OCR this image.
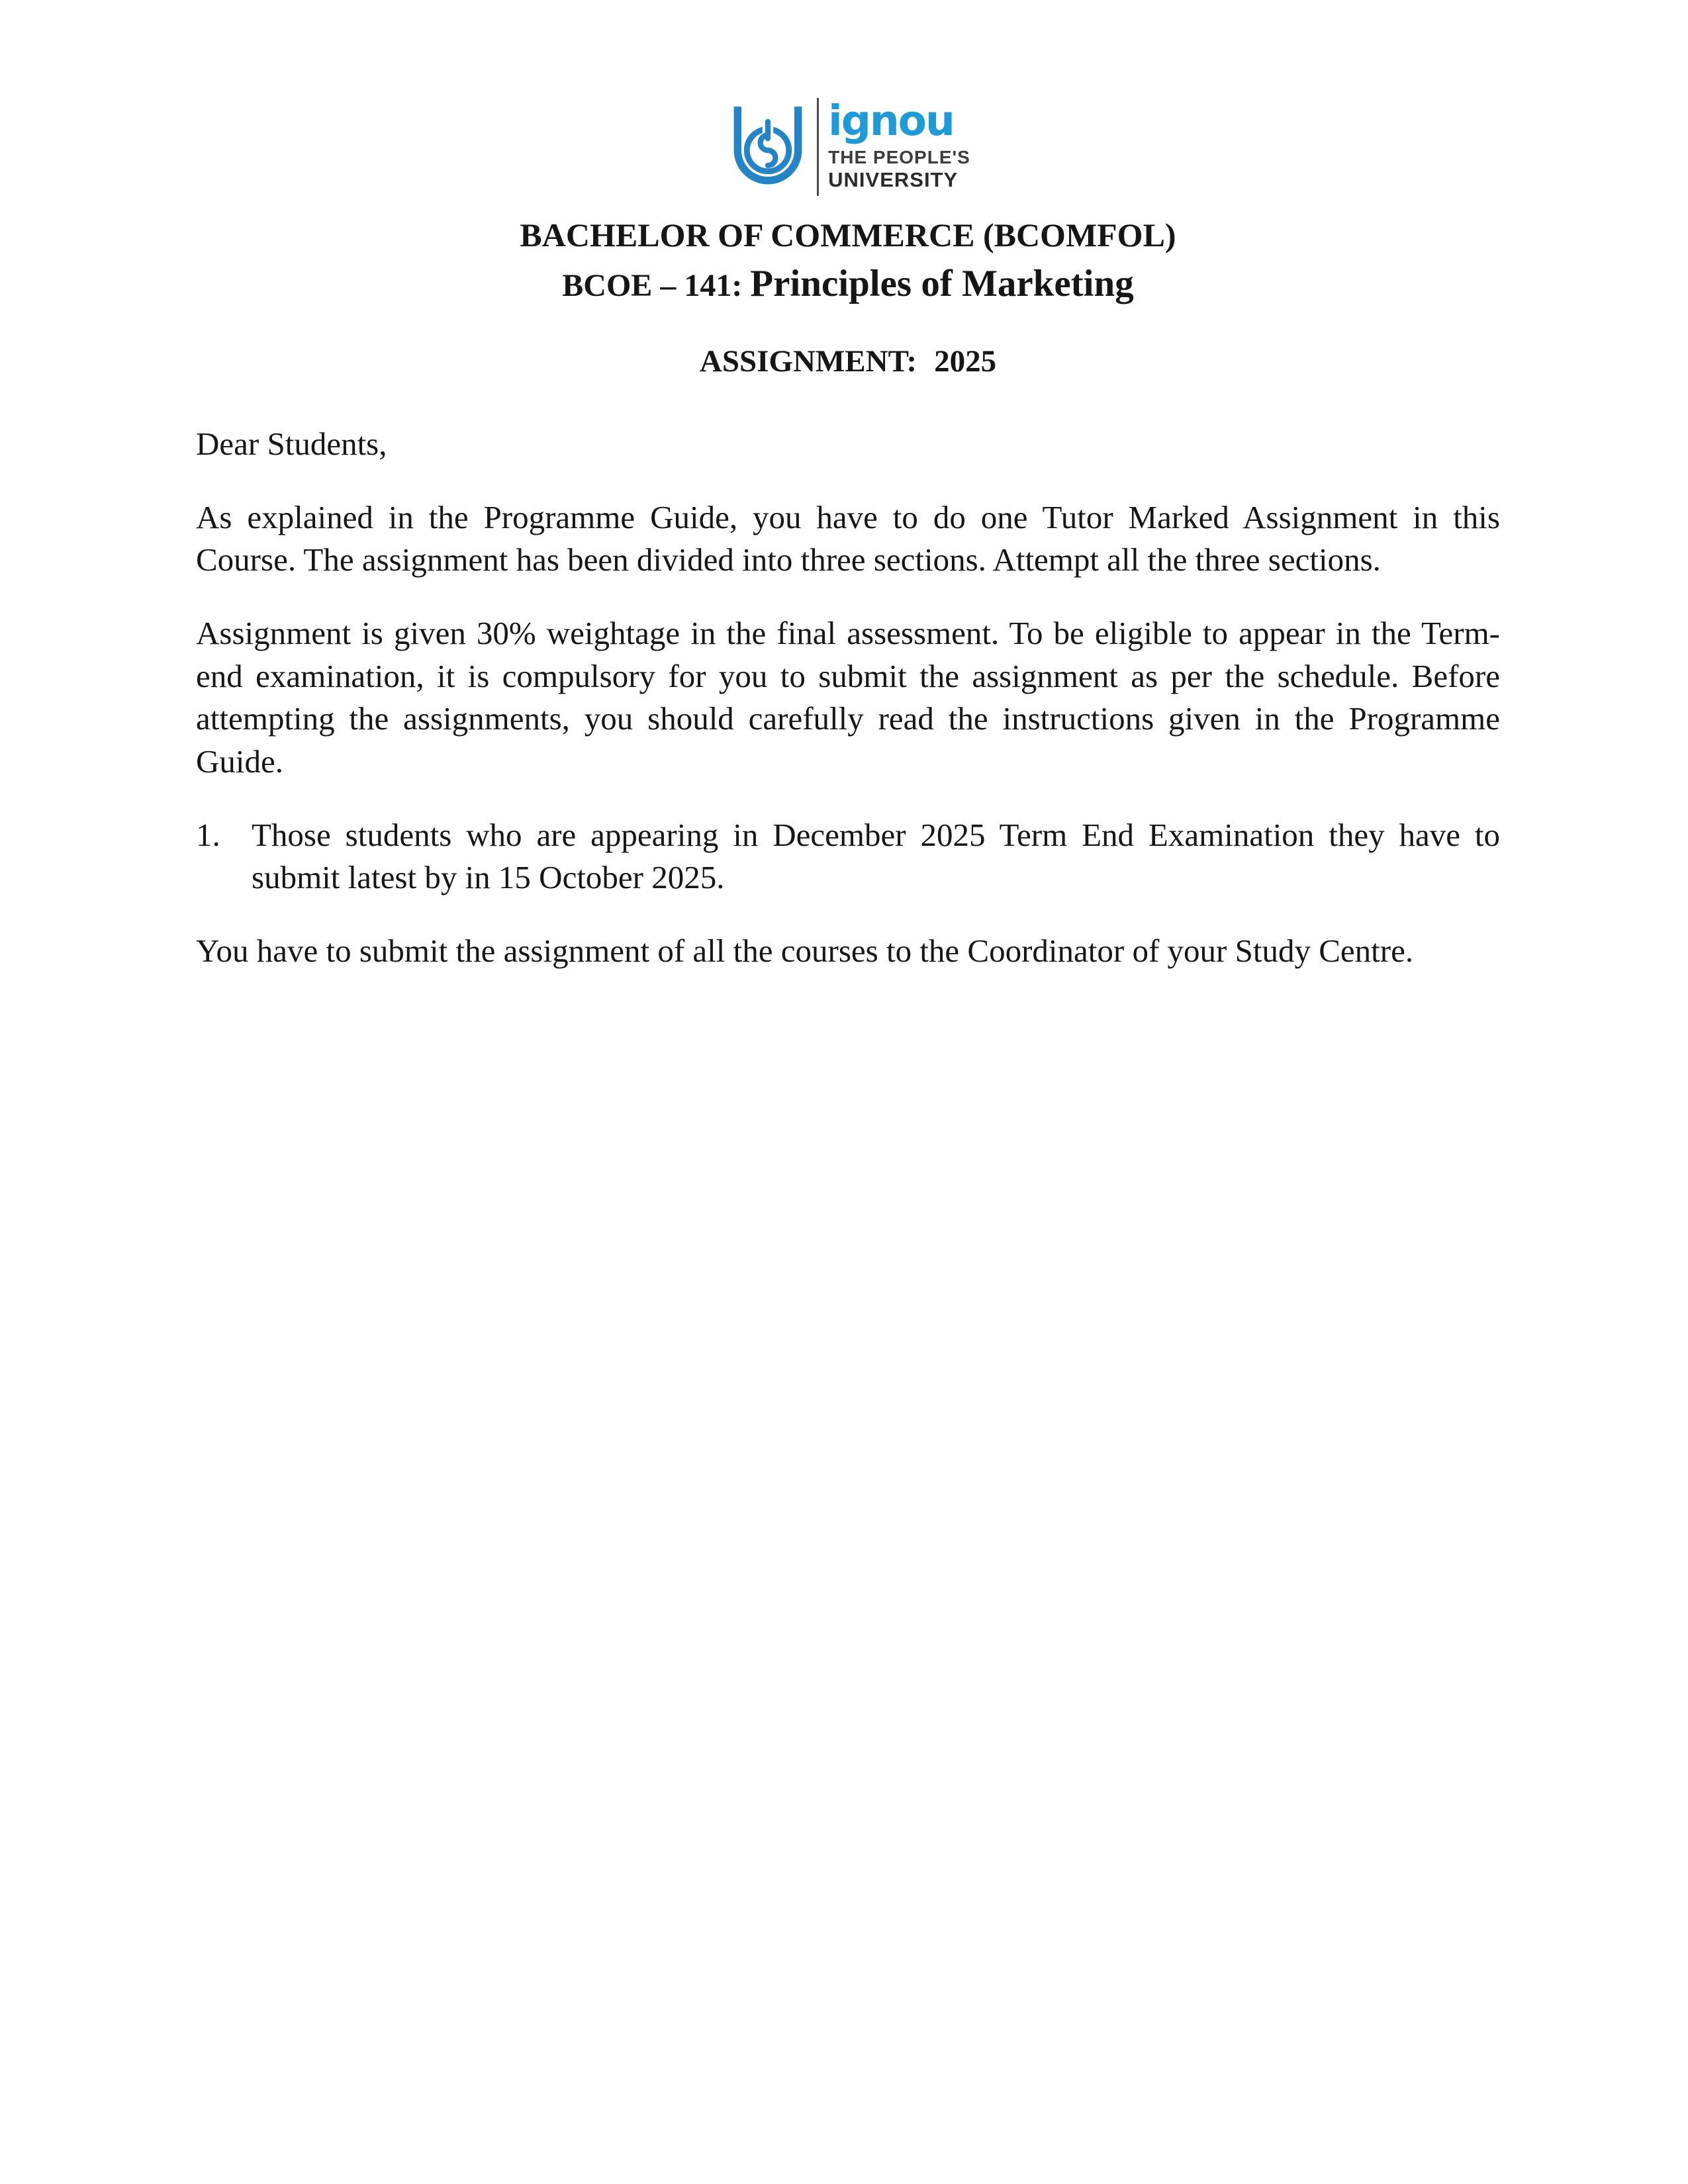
ignou
THE PEOPLE'S
UNIVERSITY
BACHELOR OF COMMERCE (BCOMFOL)
BCOE – 141: Principles of Marketing
ASSIGNMENT: 2025
Dear Students,

As explained in the Programme Guide, you have to do one Tutor Marked Assignment in this Course. The assignment has been divided into three sections. Attempt all the three sections.

Assignment is given 30% weightage in the final assessment. To be eligible to appear in the Term-end examination, it is compulsory for you to submit the assignment as per the schedule. Before attempting the assignments, you should carefully read the instructions given in the Programme Guide.

1. Those students who are appearing in December 2025 Term End Examination they have to submit latest by in 15 October 2025.

You have to submit the assignment of all the courses to the Coordinator of your Study Centre.
